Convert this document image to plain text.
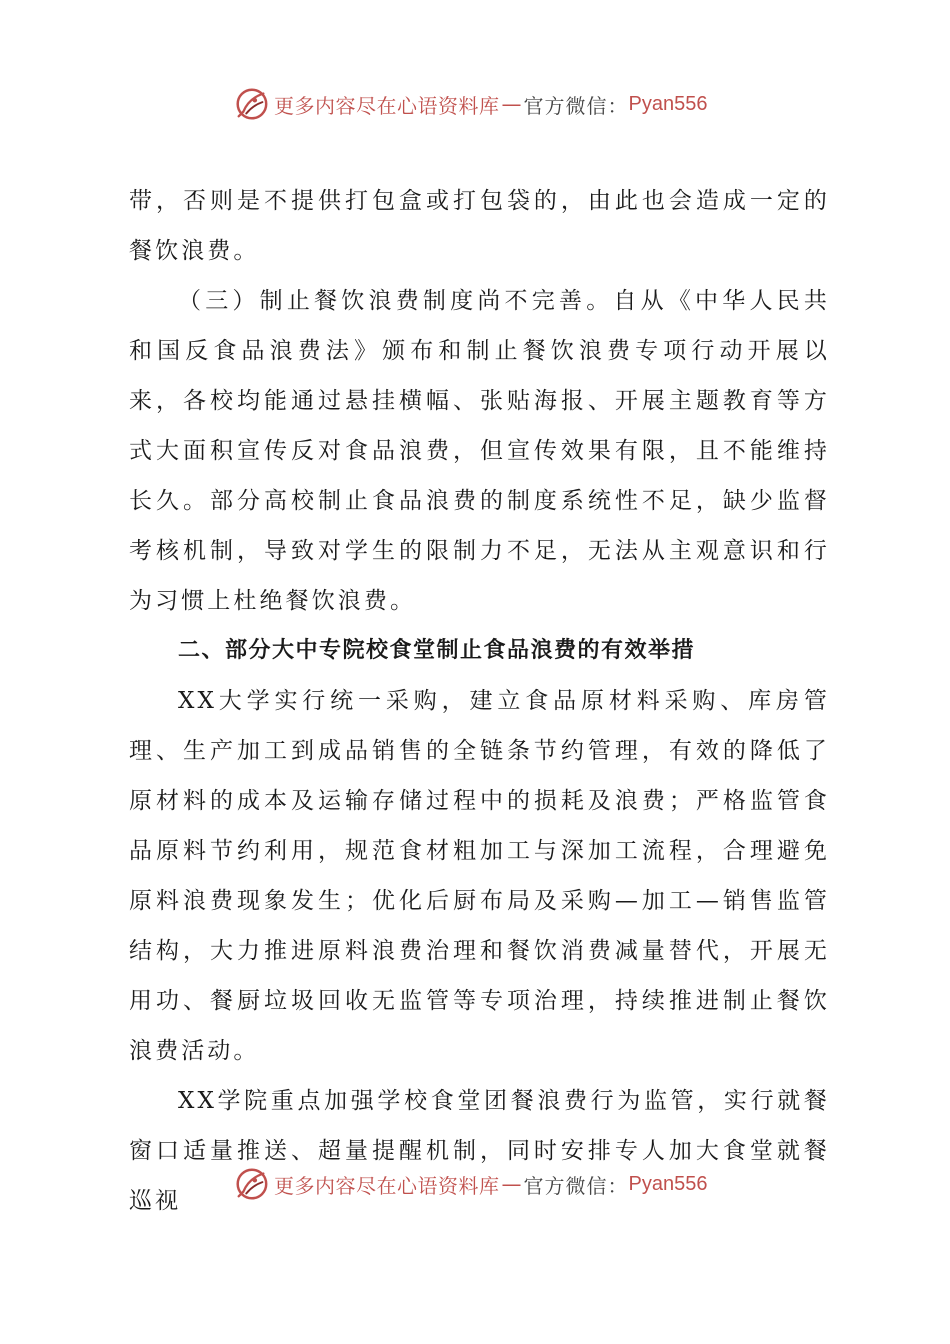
更多内容尽在心语资料库 — 官方微信： Pyan556

带，否则是不提供打包盒或打包袋的，由此也会造成一定的餐饮浪费。

（三）制止餐饮浪费制度尚不完善。自从《中华人民共和国反食品浪费法》颁布和制止餐饮浪费专项行动开展以来，各校均能通过悬挂横幅、张贴海报、开展主题教育等方式大面积宣传反对食品浪费，但宣传效果有限，且不能维持长久。部分高校制止食品浪费的制度系统性不足，缺少监督考核机制，导致对学生的限制力不足，无法从主观意识和行为习惯上杜绝餐饮浪费。

二、部分大中专院校食堂制止食品浪费的有效举措

XX大学实行统一采购，建立食品原材料采购、库房管理、生产加工到成品销售的全链条节约管理，有效的降低了原材料的成本及运输存储过程中的损耗及浪费；严格监管食品原料节约利用，规范食材粗加工与深加工流程，合理避免原料浪费现象发生；优化后厨布局及采购—加工—销售监管结构，大力推进原料浪费治理和餐饮消费减量替代，开展无用功、餐厨垃圾回收无监管等专项治理，持续推进制止餐饮浪费活动。

XX学院重点加强学校食堂团餐浪费行为监管，实行就餐窗口适量推送、超量提醒机制，同时安排专人加大食堂就餐巡视

更多内容尽在心语资料库 — 官方微信： Pyan556
